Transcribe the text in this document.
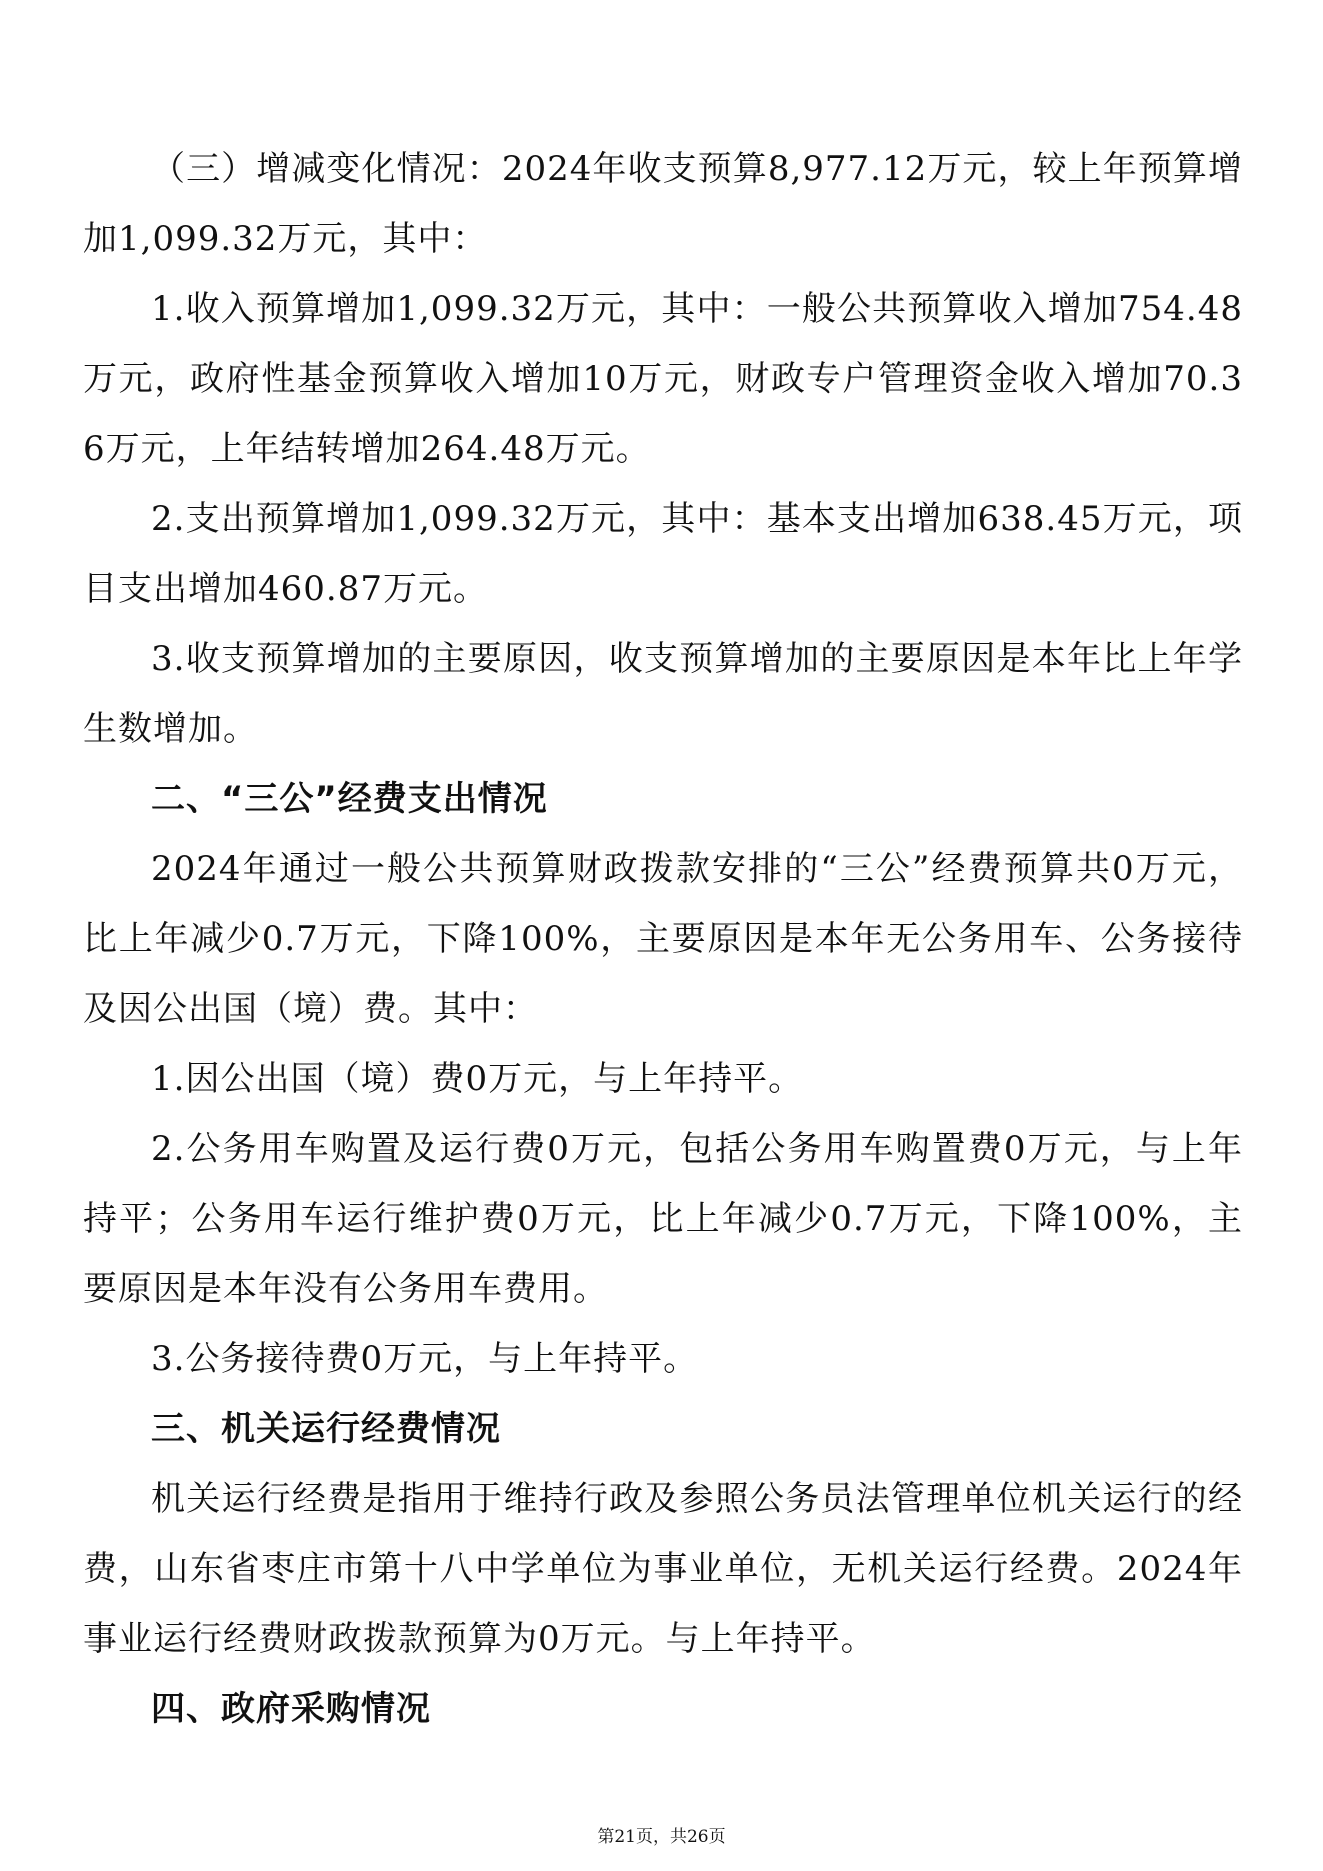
（三）增减变化情况：2024年收支预算8,977.12万元，较上年预算增加1,099.32万元，其中：

1.收入预算增加1,099.32万元，其中：一般公共预算收入增加754.48万元，政府性基金预算收入增加10万元，财政专户管理资金收入增加70.36万元，上年结转增加264.48万元。

2.支出预算增加1,099.32万元，其中：基本支出增加638.45万元，项目支出增加460.87万元。

3.收支预算增加的主要原因，收支预算增加的主要原因是本年比上年学生数增加。

二、“三公”经费支出情况

2024年通过一般公共预算财政拨款安排的“三公”经费预算共0万元，比上年减少0.7万元，下降100%，主要原因是本年无公务用车、公务接待及因公出国（境）费。其中：

1.因公出国（境）费0万元，与上年持平。

2.公务用车购置及运行费0万元，包括公务用车购置费0万元，与上年持平；公务用车运行维护费0万元，比上年减少0.7万元，下降100%，主要原因是本年没有公务用车费用。

3.公务接待费0万元，与上年持平。

三、机关运行经费情况

机关运行经费是指用于维持行政及参照公务员法管理单位机关运行的经费，山东省枣庄市第十八中学单位为事业单位，无机关运行经费。2024年事业运行经费财政拨款预算为0万元。与上年持平。

四、政府采购情况

第21页，共26页
